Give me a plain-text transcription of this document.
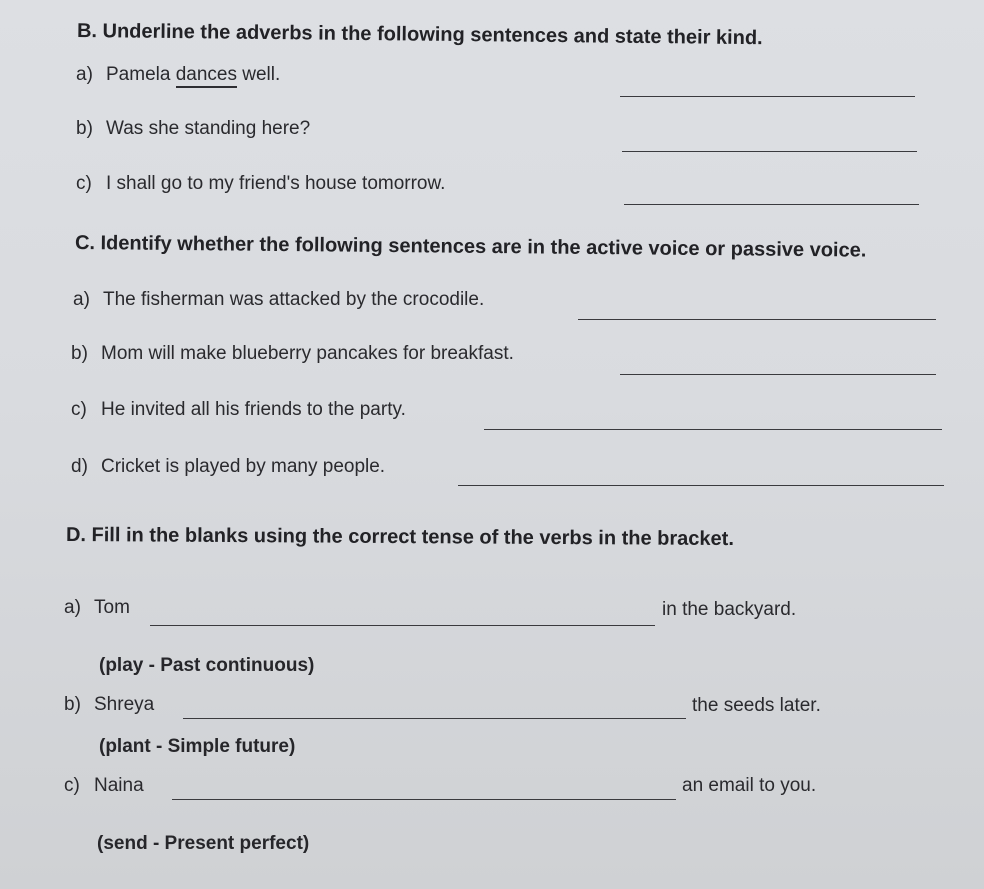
B. Underline the adverbs in the following sentences and state their kind.
a) Pamela dances well.
b) Was she standing here?
c) I shall go to my friend's house tomorrow.
C. Identify whether the following sentences are in the active voice or passive voice.
a) The fisherman was attacked by the crocodile.
b) Mom will make blueberry pancakes for breakfast.
c) He invited all his friends to the party.
d) Cricket is played by many people.
D. Fill in the blanks using the correct tense of the verbs in the bracket.
a) Tom	in the backyard.
(play - Past continuous)
b) Shreya	the seeds later.
(plant - Simple future)
c) Naina	an email to you.
(send - Present perfect)
